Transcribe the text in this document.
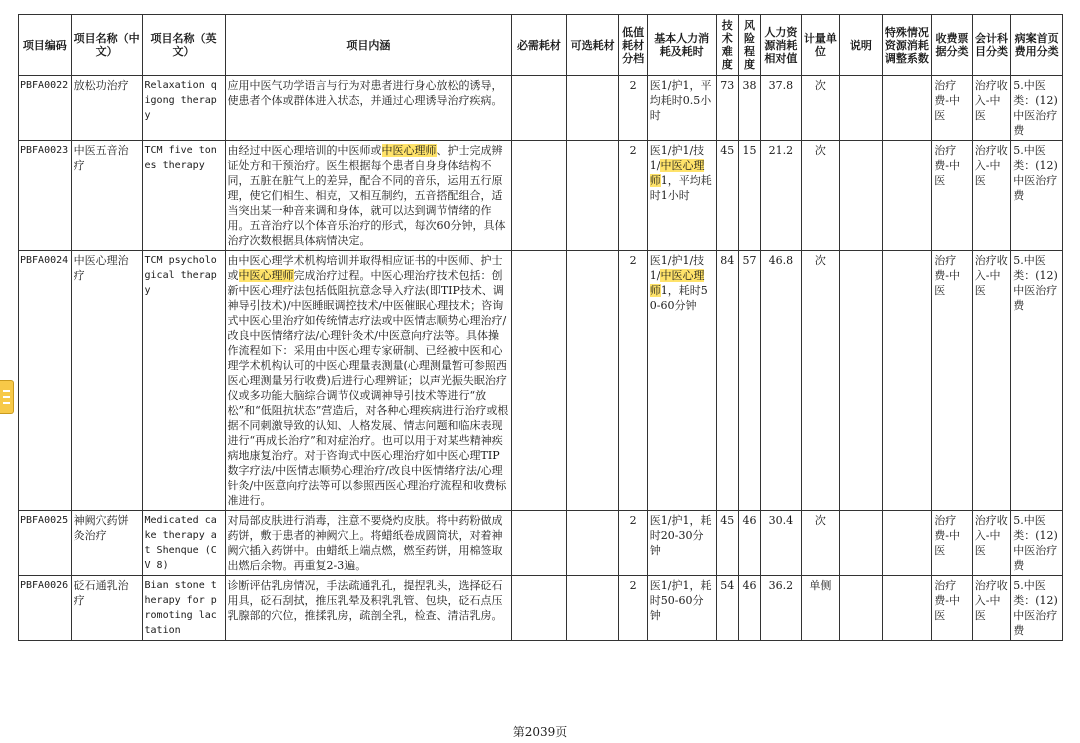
项目编码	项目名称（中文）	项目名称（英文）	项目内涵	必需耗材	可选耗材	低值耗材分档	基本人力消耗及耗时	技术难度	风险程度	人力资源消耗相对值	计量单位	说明	特殊情况资源消耗调整系数	收费票据分类	会计科目分类	病案首页费用分类
PBFA0022	放松功治疗	Relaxation qigong therapy	应用中医气功学语言与行为对患者进行身心放松的诱导，使患者个体或群体进入状态，并通过心理诱导治疗疾病。			2	医1/护1，平均耗时0.5小时	73	38	37.8	次			治疗费-中医	治疗收入-中医	5.中医类：(12)中医治疗费
PBFA0023	中医五音治疗	TCM five tones therapy	由经过中医心理培训的中医师或中医心理师、护士完成辨证处方和干预治疗。医生根据每个患者自身身体结构不同，五脏在脏气上的差异，配合不同的音乐，运用五行原理，使它们相生、相克，又相互制约，五音搭配组合，适当突出某一种音来调和身体，就可以达到调节情绪的作用。五音治疗以个体音乐治疗的形式，每次60分钟，具体治疗次数根据具体病情决定。			2	医1/护1/技1/中医心理师1，平均耗时1小时	45	15	21.2	次			治疗费-中医	治疗收入-中医	5.中医类：(12)中医治疗费
PBFA0024	中医心理治疗	TCM psychological therapy	由中医心理学术机构培训并取得相应证书的中医师、护士或中医心理师完成治疗过程。中医心理治疗技术包括：创新中医心理疗法包括低阻抗意念导入疗法(即TIP技术、调神导引技术)/中医睡眠调控技术/中医催眠心理技术；咨询式中医心里治疗如传统情志疗法或中医情志顺势心理治疗/改良中医情绪疗法/心理针灸术/中医意向疗法等。具体操作流程如下：采用由中医心理专家研制、已经被中医和心理学术机构认可的中医心理量表测量(心理测量暂可参照西医心理测量另行收费)后进行心理辨证；以声光振失眠治疗仪或多功能大脑综合调节仪或调神导引技术等进行“放松”和“低阻抗状态”营造后，对各种心理疾病进行治疗或根据不同刺激导致的认知、人格发展、情志问题和临床表现进行“再成长治疗”和对症治疗。也可以用于对某些精神疾病地康复治疗。对于咨询式中医心理治疗如中医心理TIP数字疗法/中医情志顺势心理治疗/改良中医情绪疗法/心理针灸/中医意向疗法等可以参照西医心理治疗流程和收费标准进行。			2	医1/护1/技1/中医心理师1，耗时50-60分钟	84	57	46.8	次			治疗费-中医	治疗收入-中医	5.中医类：(12)中医治疗费
PBFA0025	神阙穴药饼灸治疗	Medicated cake therapy at Shenque (CV 8)	对局部皮肤进行消毒，注意不要烧灼皮肤。将中药粉做成药饼，敷于患者的神阙穴上。将蜡纸卷成圆筒状，对着神阙穴插入药饼中。由蜡纸上端点燃，燃至药饼，用棉签取出燃后余物。再重复2-3遍。			2	医1/护1，耗时20-30分钟	45	46	30.4	次			治疗费-中医	治疗收入-中医	5.中医类：(12)中医治疗费
PBFA0026	砭石通乳治疗	Bian stone therapy for promoting lactation	诊断评估乳房情况，手法疏通乳孔，提捏乳头，选择砭石用具，砭石刮拭，推压乳晕及积乳乳管、包块，砭石点压乳腺部的穴位，推揉乳房，疏剖全乳，检查、清洁乳房。			2	医1/护1，耗时50-60分钟	54	46	36.2	单侧			治疗费-中医	治疗收入-中医	5.中医类：(12)中医治疗费
第2039页
